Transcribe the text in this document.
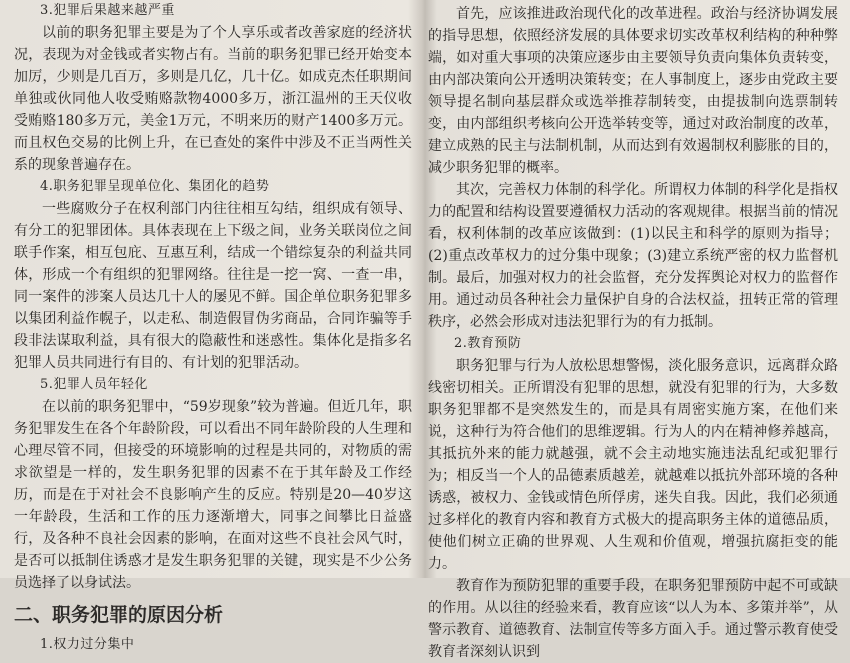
3.犯罪后果越来越严重

以前的职务犯罪主要是为了个人享乐或者改善家庭的经济状况，表现为对金钱或者实物占有。当前的职务犯罪已经开始变本加厉，少则是几百万，多则是几亿，几十亿。如成克杰任职期间单独或伙同他人收受贿赂款物4000多万，浙江温州的王天仪收受贿赂180多万元，美金1万元，不明来历的财产1400多万元。而且权色交易的比例上升，在已查处的案件中涉及不正当两性关系的现象普遍存在。

4.职务犯罪呈现单位化、集团化的趋势

一些腐败分子在权利部门内往往相互勾结，组织成有领导、有分工的犯罪团体。具体表现在上下级之间，业务关联岗位之间联手作案，相互包庇、互惠互利，结成一个错综复杂的利益共同体，形成一个有组织的犯罪网络。往往是一挖一窝、一查一串，同一案件的涉案人员达几十人的屡见不鲜。国企单位职务犯罪多以集团利益作幌子，以走私、制造假冒伪劣商品，合同诈骗等手段非法谋取利益，具有很大的隐蔽性和迷惑性。集体化是指多名犯罪人员共同进行有目的、有计划的犯罪活动。

5.犯罪人员年轻化

在以前的职务犯罪中，“59岁现象”较为普遍。但近几年，职务犯罪发生在各个年龄阶段，可以看出不同年龄阶段的人生理和心理尽管不同，但接受的环境影响的过程是共同的，对物质的需求欲望是一样的，发生职务犯罪的因素不在于其年龄及工作经历，而是在于对社会不良影响产生的反应。特别是20—40岁这一年龄段，生活和工作的压力逐渐增大，同事之间攀比日益盛行，及各种不良社会因素的影响，在面对这些不良社会风气时，是否可以抵制住诱惑才是发生职务犯罪的关键，现实是不少公务员选择了以身试法。

二、职务犯罪的原因分析
1.权力过分集中

首先，应该推进政治现代化的改革进程。政治与经济协调发展的指导思想，依照经济发展的具体要求切实改革权利结构的种种弊端，如对重大事项的决策应逐步由主要领导负责向集体负责转变，由内部决策向公开透明决策转变；在人事制度上，逐步由党政主要领导提名制向基层群众或选举推荐制转变，由提拔制向选票制转变，由内部组织考核向公开选举转变等，通过对政治制度的改革，建立成熟的民主与法制机制，从而达到有效遏制权利膨胀的目的，减少职务犯罪的概率。

其次，完善权力体制的科学化。所谓权力体制的科学化是指权力的配置和结构设置要遵循权力活动的客观规律。根据当前的情况看，权利体制的改革应该做到：(1)以民主和科学的原则为指导；(2)重点改革权力的过分集中现象；(3)建立系统严密的权力监督机制。最后，加强对权力的社会监督，充分发挥舆论对权力的监督作用。通过动员各种社会力量保护自身的合法权益，扭转正常的管理秩序，必然会形成对违法犯罪行为的有力抵制。

2.教育预防

职务犯罪与行为人放松思想警惕，淡化服务意识，远离群众路线密切相关。正所谓没有犯罪的思想，就没有犯罪的行为，大多数职务犯罪都不是突然发生的，而是具有周密实施方案，在他们来说，这种行为符合他们的思维逻辑。行为人的内在精神修养越高，其抵抗外来的能力就越强，就不会主动地实施违法乱纪或犯罪行为；相反当一个人的品德素质越差，就越难以抵抗外部环境的各种诱惑，被权力、金钱或情色所俘虏，迷失自我。因此，我们必须通过多样化的教育内容和教育方式极大的提高职务主体的道德品质，使他们树立正确的世界观、人生观和价值观，增强抗腐拒变的能力。

教育作为预防犯罪的重要手段，在职务犯罪预防中起不可或缺的作用。从以往的经验来看，教育应该“以人为本、多策并举”，从警示教育、道德教育、法制宣传等多方面入手。通过警示教育使受教育者深刻认识到
